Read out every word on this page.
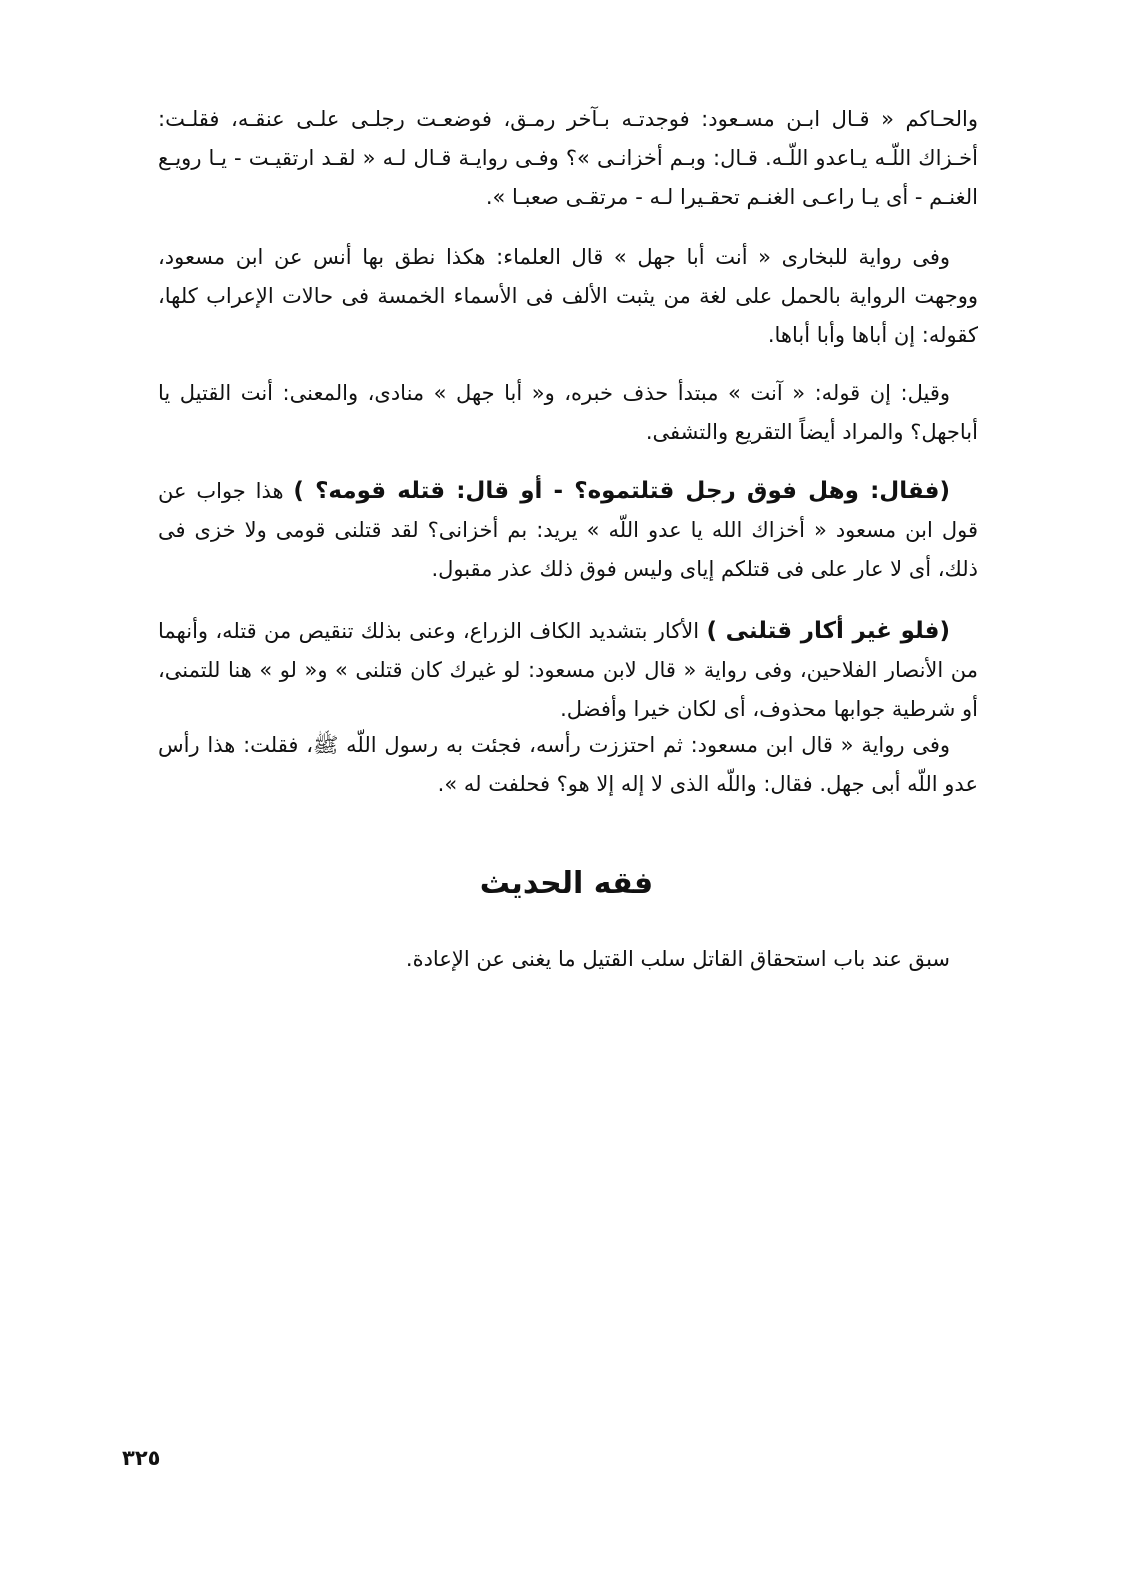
والحـاكم « قـال ابـن مسـعود: فوجدتـه بـآخر رمـق، فوضعـت رجلـى علـى عنقـه، فقلـت: أخـزاك اللّـه يـاعدو اللّـه. قـال: وبـم أخزانـى »؟ وفـى روايـة قـال لـه « لقـد ارتقيـت - يـا رويـع الغنـم - أى يـا راعـى الغنـم تحقـيرا لـه - مرتقـى صعبـا ».

وفى رواية للبخارى « أنت أبا جهل » قال العلماء: هكذا نطق بها أنس عن ابن مسعود، ووجهت الرواية بالحمل على لغة من يثبت الألف فى الأسماء الخمسة فى حالات الإعراب كلها، كقوله: إن أباها وأبا أباها.

وقيل: إن قوله: « آنت » مبتدأ حذف خبره، و« أبا جهل » منادى، والمعنى: أنت القتيل يا أباجهل؟ والمراد أيضاً التقريع والتشفى.

(فقال: وهل فوق رجل قتلتموه؟ - أو قال: قتله قومه؟ ) هذا جواب عن قول ابن مسعود « أخزاك الله يا عدو اللّه » يريد: بم أخزانى؟ لقد قتلنى قومى ولا خزى فى ذلك، أى لا عار على فى قتلكم إياى وليس فوق ذلك عذر مقبول.

(فلو غير أكار قتلنى ) الأكار بتشديد الكاف الزراع، وعنى بذلك تنقيص من قتله، وأنهما من الأنصار الفلاحين، وفى رواية « قال لابن مسعود: لو غيرك كان قتلنى » و« لو » هنا للتمنى، أو شرطية جوابها محذوف، أى لكان خيرا وأفضل.

وفى رواية « قال ابن مسعود: ثم احتززت رأسه، فجئت به رسول اللّه ﷺ، فقلت: هذا رأس عدو اللّه أبى جهل. فقال: واللّه الذى لا إله إلا هو؟ فحلفت له ».

فقه الحديث

سبق عند باب استحقاق القاتل سلب القتيل ما يغنى عن الإعادة.

٣٢٥
